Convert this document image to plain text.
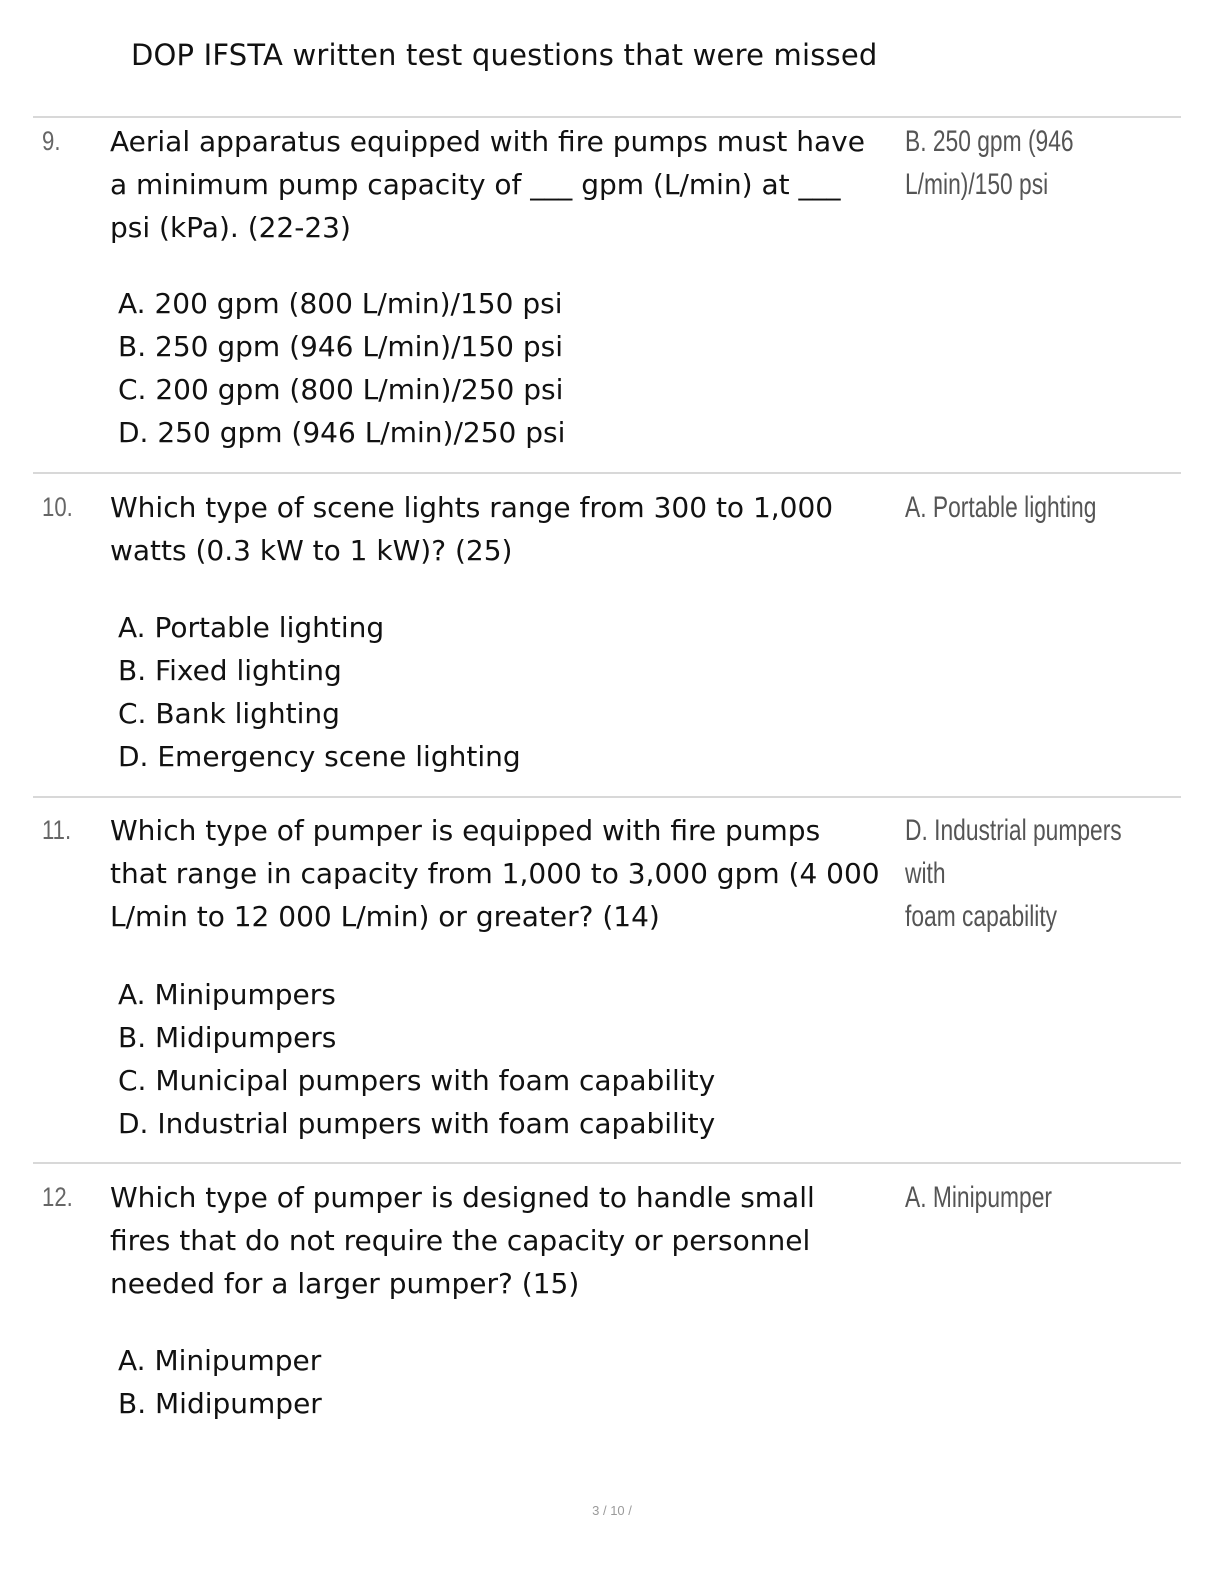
DOP IFSTA written test questions that were missed
9. Aerial apparatus equipped with fire pumps must have
a minimum pump capacity of ___ gpm (L/min) at ___
psi (kPa). (22-23)

B. 250 gpm (946
L/min)/150 psi
A. 200 gpm (800 L/min)/150 psi
B. 250 gpm (946 L/min)/150 psi
C. 200 gpm (800 L/min)/250 psi
D. 250 gpm (946 L/min)/250 psi
10. Which type of scene lights range from 300 to 1,000
watts (0.3 kW to 1 kW)? (25)

A. Portable lighting
A. Portable lighting
B. Fixed lighting
C. Bank lighting
D. Emergency scene lighting
11. Which type of pumper is equipped with fire pumps
that range in capacity from 1,000 to 3,000 gpm (4 000
L/min to 12 000 L/min) or greater? (14)

D. Industrial pumpers with
foam capability
A. Minipumpers
B. Midipumpers
C. Municipal pumpers with foam capability
D. Industrial pumpers with foam capability
12. Which type of pumper is designed to handle small
fires that do not require the capacity or personnel
needed for a larger pumper? (15)

A. Minipumper
A. Minipumper
B. Midipumper
3 / 10 /
